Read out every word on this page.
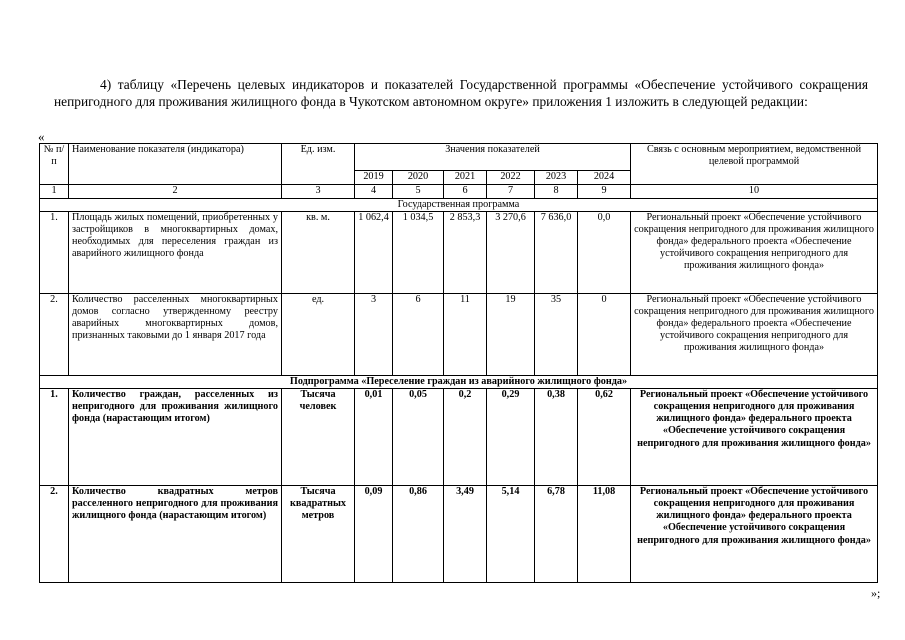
4) таблицу «Перечень целевых индикаторов и показателей Государственной программы «Обеспечение устойчивого сокращения непригодного для проживания жилищного фонда в Чукотском автономном округе» приложения 1 изложить в следующей редакции:

«
№ п/п	Наименование показателя (индикатора)	Ед. изм.	Значения показателей						Связь с основным мероприятием, ведомственной целевой программой
			2019	2020	2021	2022	2023	2024	
1	2	3	4	5	6	7	8	9	10
Государственная программа									
1.	Площадь жилых помещений, приобретенных у застройщиков в многоквартирных домах, необходимых для переселения граждан из аварийного жилищного фонда	кв. м.	1 062,4	1 034,5	2 853,3	3 270,6	7 636,0	0,0	Региональный проект «Обеспечение устойчивого сокращения непригодного для проживания жилищного фонда» федерального проекта «Обеспечение устойчивого сокращения непригодного для проживания жилищного фонда»
2.	Количество расселенных многоквартирных домов согласно утвержденному реестру аварийных многоквартирных домов, признанных таковыми до 1 января 2017 года	ед.	3	6	11	19	35	0	Региональный проект «Обеспечение устойчивого сокращения непригодного для проживания жилищного фонда» федерального проекта «Обеспечение устойчивого сокращения непригодного для проживания жилищного фонда»
Подпрограмма «Переселение граждан из аварийного жилищного фонда»									
1.	Количество граждан, расселенных из непригодного для проживания жилищного фонда (нарастающим итогом)	Тысяча человек	0,01	0,05	0,2	0,29	0,38	0,62	Региональный проект «Обеспечение устойчивого сокращения непригодного для проживания жилищного фонда» федерального проекта «Обеспечение устойчивого сокращения непригодного для проживания жилищного фонда»
2.	Количество квадратных метров расселенного непригодного для проживания жилищного фонда (нарастающим итогом)	Тысяча квадратных метров	0,09	0,86	3,49	5,14	6,78	11,08	Региональный проект «Обеспечение устойчивого сокращения непригодного для проживания жилищного фонда» федерального проекта «Обеспечение устойчивого сокращения непригодного для проживания жилищного фонда»
»;
